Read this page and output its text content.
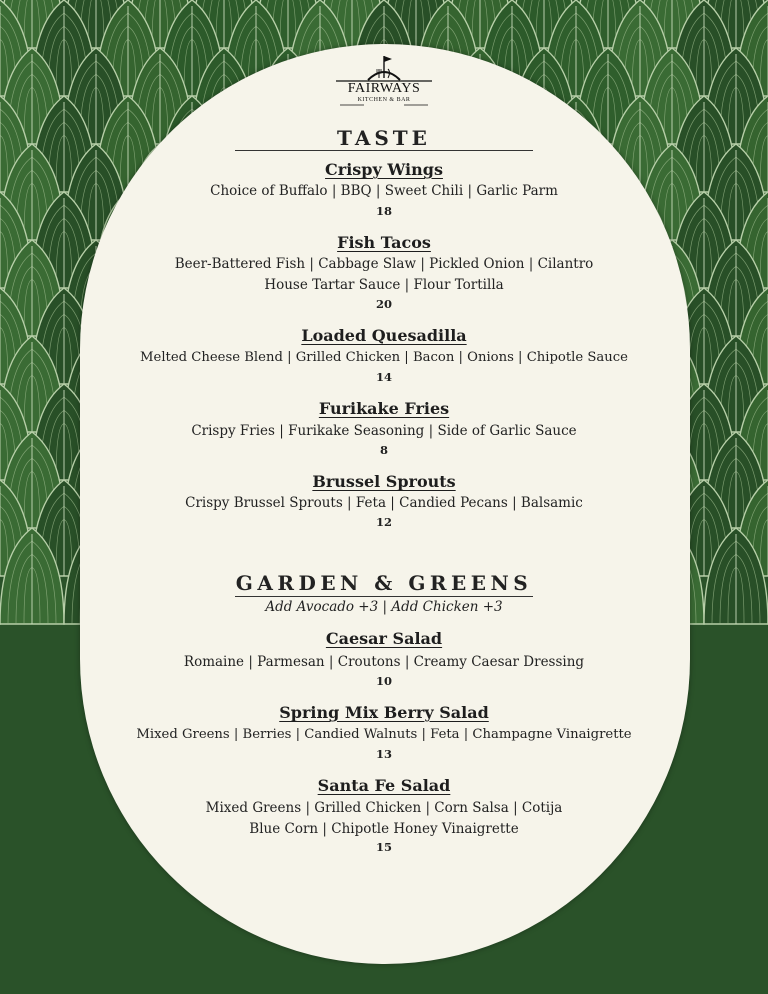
FAIRWAYS
KITCHEN & BAR
TASTE
Crispy Wings
Choice of Buffalo | BBQ | Sweet Chili | Garlic Parm
18
Fish Tacos
Beer-Battered Fish | Cabbage Slaw | Pickled Onion | Cilantro
House Tartar Sauce | Flour Tortilla
20
Loaded Quesadilla
Melted Cheese Blend | Grilled Chicken | Bacon | Onions | Chipotle Sauce
14
Furikake Fries
Crispy Fries | Furikake Seasoning | Side of Garlic Sauce
8
Brussel Sprouts
Crispy Brussel Sprouts | Feta | Candied Pecans | Balsamic
12
GARDEN & GREENS
Add Avocado +3 | Add Chicken +3
Caesar Salad
Romaine | Parmesan | Croutons | Creamy Caesar Dressing
10
Spring Mix Berry Salad
Mixed Greens | Berries | Candied Walnuts | Feta | Champagne Vinaigrette
13
Santa Fe Salad
Mixed Greens | Grilled Chicken | Corn Salsa | Cotija
Blue Corn | Chipotle Honey Vinaigrette
15
